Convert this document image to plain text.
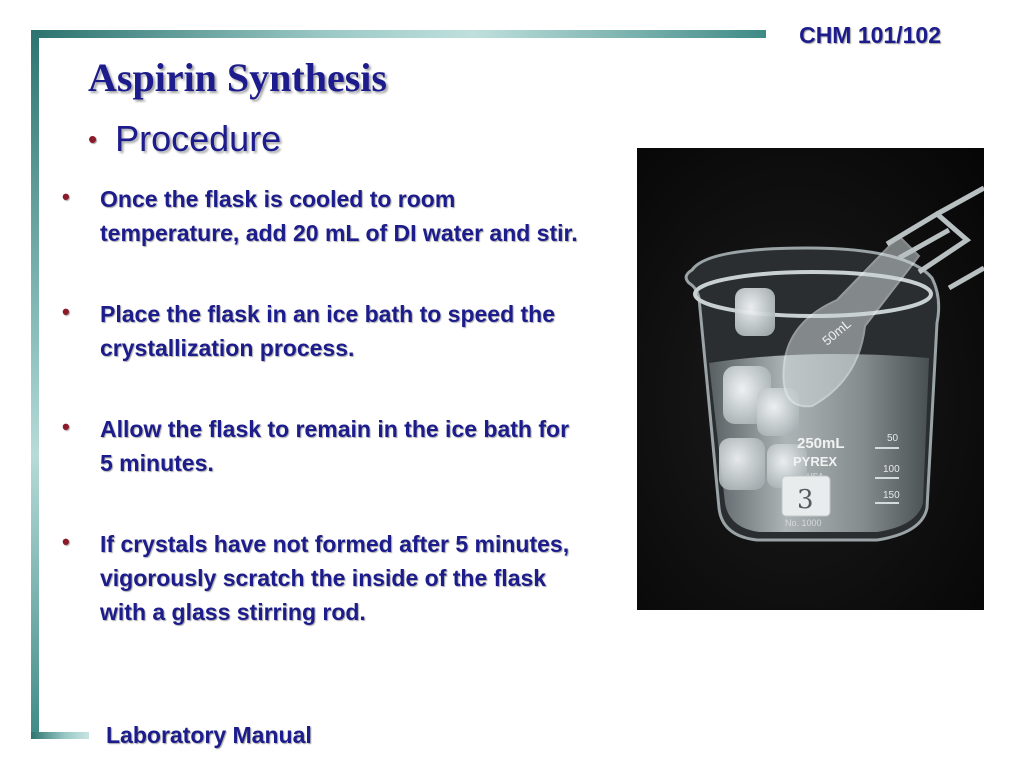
CHM 101/102
Aspirin Synthesis
• Procedure
• Once the flask is cooled to room temperature, add 20 mL of DI water and stir.
• Place the flask in an ice bath to speed the crystallization process.
• Allow the flask to remain in the ice bath for 5 minutes.
• If crystals have not formed after 5 minutes, vigorously scratch the inside of the flask with a glass stirring rod.
50mL
250mL
PYREX
No. 1000
3
50
100
150
Laboratory Manual
